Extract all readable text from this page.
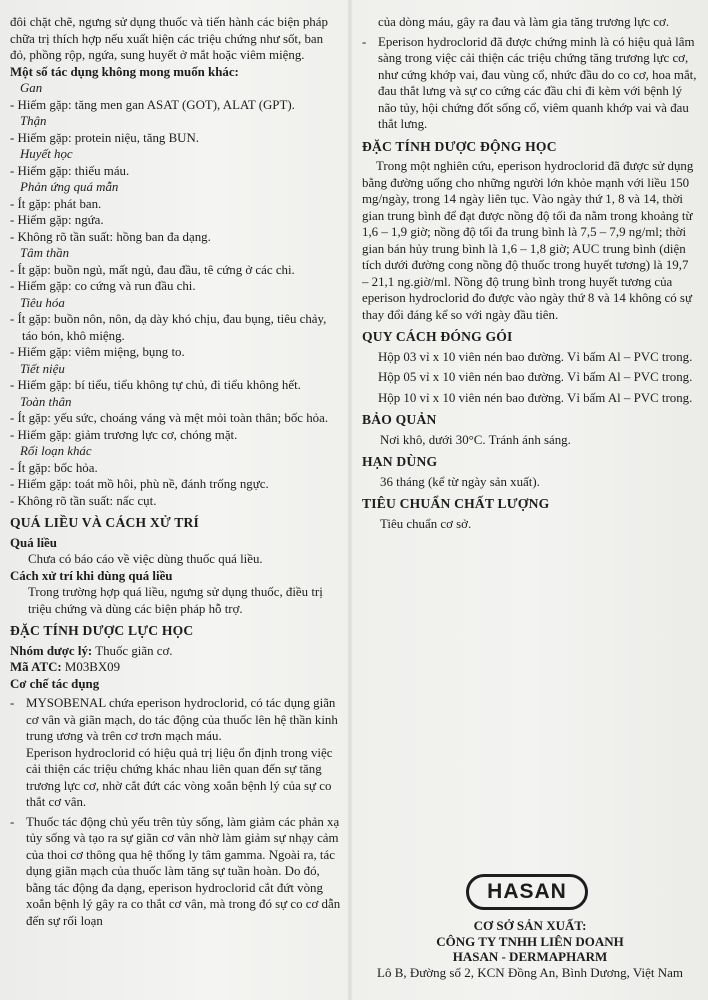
đôi chặt chẽ, ngưng sử dụng thuốc và tiến hành các biện pháp chữa trị thích hợp nếu xuất hiện các triệu chứng như sốt, ban đỏ, phồng rộp, ngứa, sung huyết ở mắt hoặc viêm miệng.

Một số tác dụng không mong muốn khác:

Gan

- Hiếm gặp: tăng men gan ASAT (GOT), ALAT (GPT).

Thận

- Hiếm gặp: protein niệu, tăng BUN.

Huyết học

- Hiếm gặp: thiếu máu.

Phản ứng quá mẫn

- Ít gặp: phát ban.

- Hiếm gặp: ngứa.

- Không rõ tần suất: hồng ban đa dạng.

Tâm thần

- Ít gặp: buồn ngủ, mất ngủ, đau đầu, tê cứng ở các chi.

- Hiếm gặp: co cứng và run đầu chi.

Tiêu hóa

- Ít gặp: buồn nôn, nôn, dạ dày khó chịu, đau bụng, tiêu chảy, táo bón, khô miệng.

- Hiếm gặp: viêm miệng, bụng to.

Tiết niệu

- Hiếm gặp: bí tiểu, tiểu không tự chủ, đi tiểu không hết.

Toàn thân

- Ít gặp: yếu sức, choáng váng và mệt mỏi toàn thân; bốc hỏa.

- Hiếm gặp: giảm trương lực cơ, chóng mặt.

Rối loạn khác

- Ít gặp: bốc hỏa.

- Hiếm gặp: toát mồ hôi, phù nề, đánh trống ngực.

- Không rõ tần suất: nấc cụt.

QUÁ LIỀU VÀ CÁCH XỬ TRÍ

Quá liều

Chưa có báo cáo về việc dùng thuốc quá liều.

Cách xử trí khi dùng quá liều

Trong trường hợp quá liều, ngưng sử dụng thuốc, điều trị triệu chứng và dùng các biện pháp hỗ trợ.

ĐẶC TÍNH DƯỢC LỰC HỌC

Nhóm dược lý: Thuốc giãn cơ.

Mã ATC: M03BX09

Cơ chế tác dụng

- MYSOBENAL chứa eperison hydroclorid, có tác dụng giãn cơ vân và giãn mạch, do tác động của thuốc lên hệ thần kinh trung ương và trên cơ trơn mạch máu.
Eperison hydroclorid có hiệu quả trị liệu ổn định trong việc cải thiện các triệu chứng khác nhau liên quan đến sự tăng trương lực cơ, nhờ cắt đứt các vòng xoắn bệnh lý của sự co thắt cơ vân.

- Thuốc tác động chủ yếu trên tủy sống, làm giảm các phản xạ tủy sống và tạo ra sự giãn cơ vân nhờ làm giảm sự nhạy cảm của thoi cơ thông qua hệ thống ly tâm gamma. Ngoài ra, tác dụng giãn mạch của thuốc làm tăng sự tuần hoàn. Do đó, bằng tác động đa dạng, eperison hydroclorid cắt đứt vòng xoắn bệnh lý gây ra co thắt cơ vân, mà trong đó sự co cơ dẫn đến sự rối loạn

của dòng máu, gây ra đau và làm gia tăng trương lực cơ.

- Eperison hydroclorid đã được chứng minh là có hiệu quả lâm sàng trong việc cải thiện các triệu chứng tăng trương lực cơ, như cứng khớp vai, đau vùng cổ, nhức đầu do co cơ, hoa mắt, đau thắt lưng và sự co cứng các đầu chi đi kèm với bệnh lý não tủy, hội chứng đốt sống cổ, viêm quanh khớp vai và đau thắt lưng.

ĐẶC TÍNH DƯỢC ĐỘNG HỌC

Trong một nghiên cứu, eperison hydroclorid đã được sử dụng bằng đường uống cho những người lớn khỏe mạnh với liều 150 mg/ngày, trong 14 ngày liên tục. Vào ngày thứ 1, 8 và 14, thời gian trung bình để đạt được nồng độ tối đa nằm trong khoảng từ 1,6 – 1,9 giờ; nồng độ tối đa trung bình là 7,5 – 7,9 ng/ml; thời gian bán hủy trung bình là 1,6 – 1,8 giờ; AUC trung bình (diện tích dưới đường cong nồng độ thuốc trong huyết tương) là 19,7 – 21,1 ng.giờ/ml. Nồng độ trung bình trong huyết tương của eperison hydroclorid đo được vào ngày thứ 8 và 14 không có sự thay đổi đáng kể so với ngày đầu tiên.

QUY CÁCH ĐÓNG GÓI

Hộp 03 vỉ x 10 viên nén bao đường. Vỉ bấm Al – PVC trong.

Hộp 05 vỉ x 10 viên nén bao đường. Vỉ bấm Al – PVC trong.

Hộp 10 vỉ x 10 viên nén bao đường. Vỉ bấm Al – PVC trong.

BẢO QUẢN

Nơi khô, dưới 30°C. Tránh ánh sáng.

HẠN DÙNG

36 tháng (kể từ ngày sản xuất).

TIÊU CHUẨN CHẤT LƯỢNG

Tiêu chuẩn cơ sở.

HASAN
CƠ SỞ SẢN XUẤT:
CÔNG TY TNHH LIÊN DOANH
HASAN - DERMAPHARM
Lô B, Đường số 2, KCN Đồng An, Bình Dương, Việt Nam
